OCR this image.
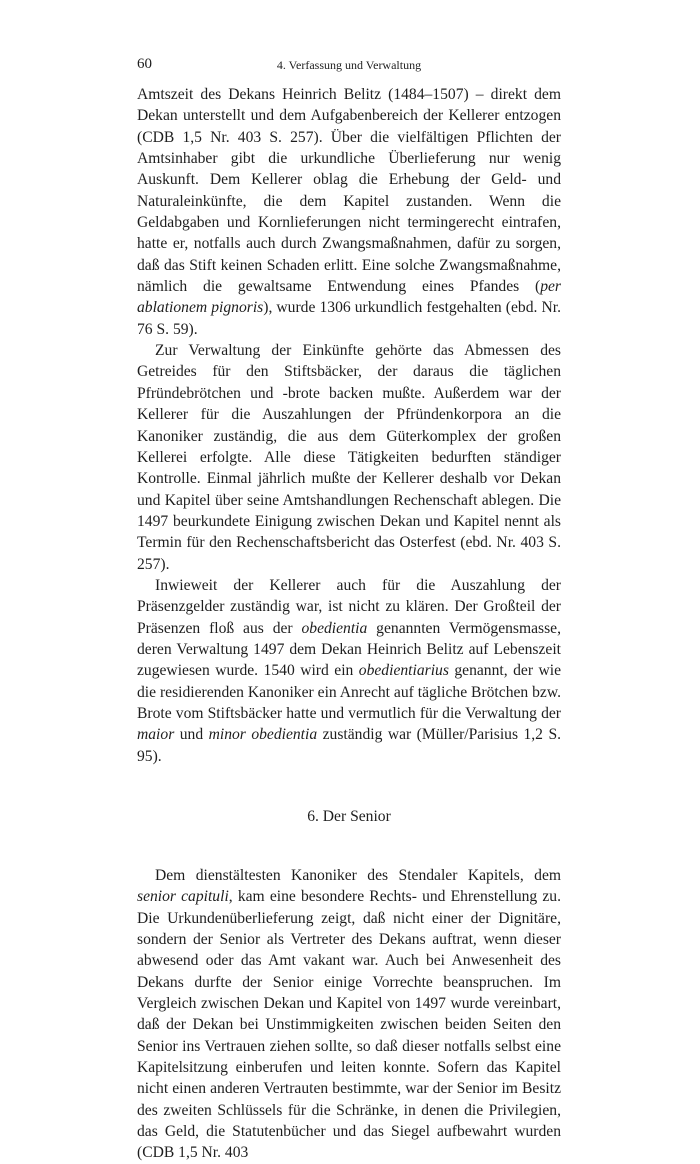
60	4. Verfassung und Verwaltung

Amtszeit des Dekans Heinrich Belitz (1484–1507) – direkt dem Dekan unterstellt und dem Aufgabenbereich der Kellerer entzogen (CDB 1,5 Nr. 403 S. 257). Über die vielfältigen Pflichten der Amtsinhaber gibt die urkundliche Überlieferung nur wenig Auskunft. Dem Kellerer oblag die Erhebung der Geld- und Naturaleinkünfte, die dem Kapitel zustanden. Wenn die Geldabgaben und Kornlieferungen nicht termingerecht eintrafen, hatte er, notfalls auch durch Zwangsmaßnahmen, dafür zu sorgen, daß das Stift keinen Schaden erlitt. Eine solche Zwangsmaßnahme, nämlich die gewaltsame Entwendung eines Pfandes (per ablationem pignoris), wurde 1306 urkundlich festgehalten (ebd. Nr. 76 S. 59).

Zur Verwaltung der Einkünfte gehörte das Abmessen des Getreides für den Stiftsbäcker, der daraus die täglichen Pfründebrötchen und -brote backen mußte. Außerdem war der Kellerer für die Auszahlungen der Pfründenkorpora an die Kanoniker zuständig, die aus dem Güterkomplex der großen Kellerei erfolgte. Alle diese Tätigkeiten bedurften ständiger Kontrolle. Einmal jährlich mußte der Kellerer deshalb vor Dekan und Kapitel über seine Amtshandlungen Rechenschaft ablegen. Die 1497 beurkundete Einigung zwischen Dekan und Kapitel nennt als Termin für den Rechenschaftsbericht das Osterfest (ebd. Nr. 403 S. 257).

Inwieweit der Kellerer auch für die Auszahlung der Präsenzgelder zuständig war, ist nicht zu klären. Der Großteil der Präsenzen floß aus der obedientia genannten Vermögensmasse, deren Verwaltung 1497 dem Dekan Heinrich Belitz auf Lebenszeit zugewiesen wurde. 1540 wird ein obedientiarius genannt, der wie die residierenden Kanoniker ein Anrecht auf tägliche Brötchen bzw. Brote vom Stiftsbäcker hatte und vermutlich für die Verwaltung der maior und minor obedientia zuständig war (Müller/Parisius 1,2 S. 95).

6. Der Senior

Dem dienstältesten Kanoniker des Stendaler Kapitels, dem senior capituli, kam eine besondere Rechts- und Ehrenstellung zu. Die Urkundenüberlieferung zeigt, daß nicht einer der Dignitäre, sondern der Senior als Vertreter des Dekans auftrat, wenn dieser abwesend oder das Amt vakant war. Auch bei Anwesenheit des Dekans durfte der Senior einige Vorrechte beanspruchen. Im Vergleich zwischen Dekan und Kapitel von 1497 wurde vereinbart, daß der Dekan bei Unstimmigkeiten zwischen beiden Seiten den Senior ins Vertrauen ziehen sollte, so daß dieser notfalls selbst eine Kapitelsitzung einberufen und leiten konnte. Sofern das Kapitel nicht einen anderen Vertrauten bestimmte, war der Senior im Besitz des zweiten Schlüssels für die Schränke, in denen die Privilegien, das Geld, die Statutenbücher und das Siegel aufbewahrt wurden (CDB 1,5 Nr. 403
